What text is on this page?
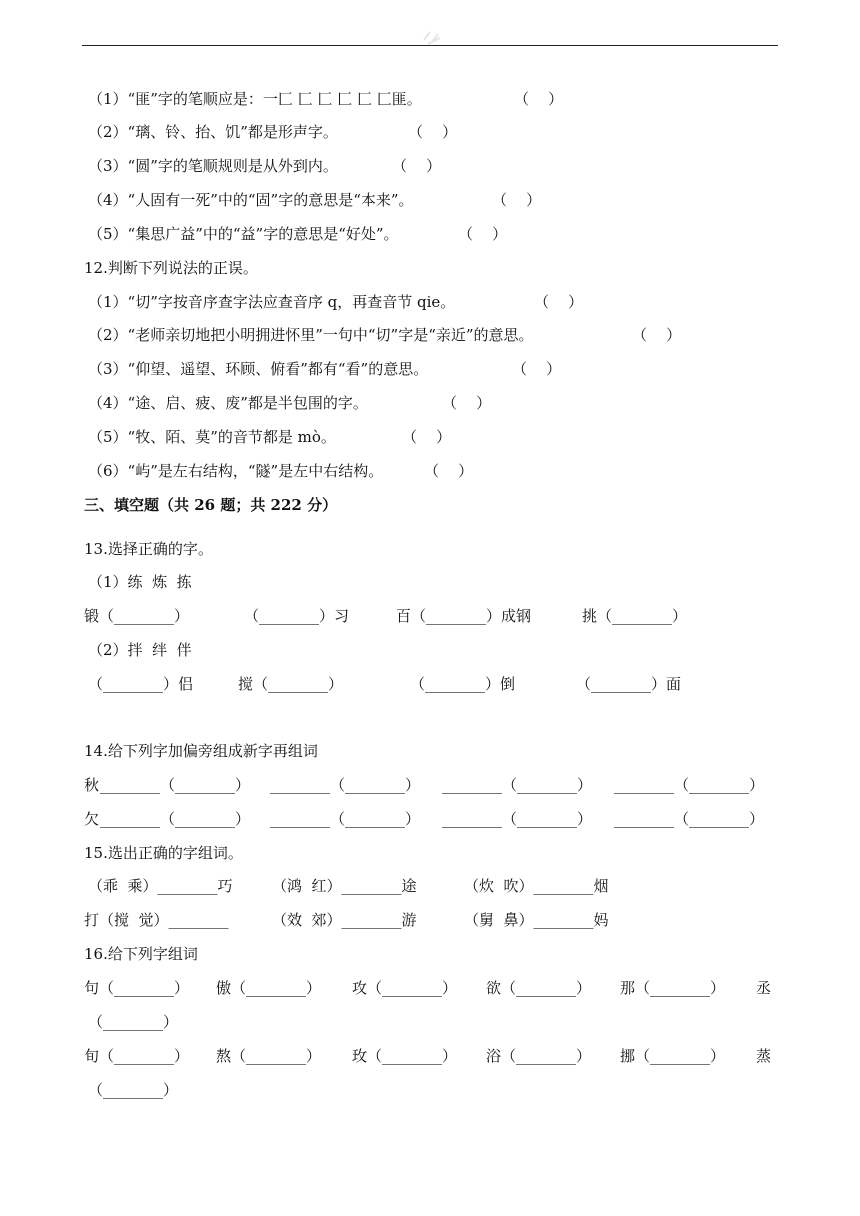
（1）“匪”字的笔顺应是：一匚 匚 匚 匚 匚 匚匪。	（    ）
（2）“璃、铃、抬、饥”都是形声字。	（    ）
（3）“圆”字的笔顺规则是从外到内。	（    ）
（4）“人固有一死”中的“固”字的意思是“本来”。	（    ）
（5）“集思广益”中的“益”字的意思是“好处”。	（    ）
12.判断下列说法的正误。
（1）“切”字按音序查字法应查音序 q，再查音节 qie。	（    ）
（2）“老师亲切地把小明拥进怀里”一句中“切”字是“亲近”的意思。	（    ）
（3）“仰望、遥望、环顾、俯看”都有“看”的意思。	（    ）
（4）“途、启、疲、废”都是半包围的字。	（    ）
（5）“牧、陌、莫”的音节都是 mò。	（    ）
（6）“屿”是左右结构，“隧”是左中右结构。	（    ）
三、填空题（共 26 题；共 222 分）
13.选择正确的字。
（1）练  炼  拣
锻（________）	（________）习	百（________）成钢	挑（________）
（2）拌  绊  伴
（________）侣	搅（________）	（________）倒	（________）面
14.给下列字加偏旁组成新字再组词
秋 ________（________） ________（________） ________（________） ________（________）
欠 ________（________） ________（________） ________（________） ________（________）
15.选出正确的字组词。
（乖  乘）________巧	（鸿  红）________途	（炊  吹）________烟
打（搅  觉）________	（效  郊）________游	（舅  鼻）________妈
16.给下列字组词
句（________） 傲（________） 攻（________） 欲（________） 那（________） 丞
（________）
旬（________） 熬（________） 玫（________） 浴（________） 挪（________） 蒸
（________）
